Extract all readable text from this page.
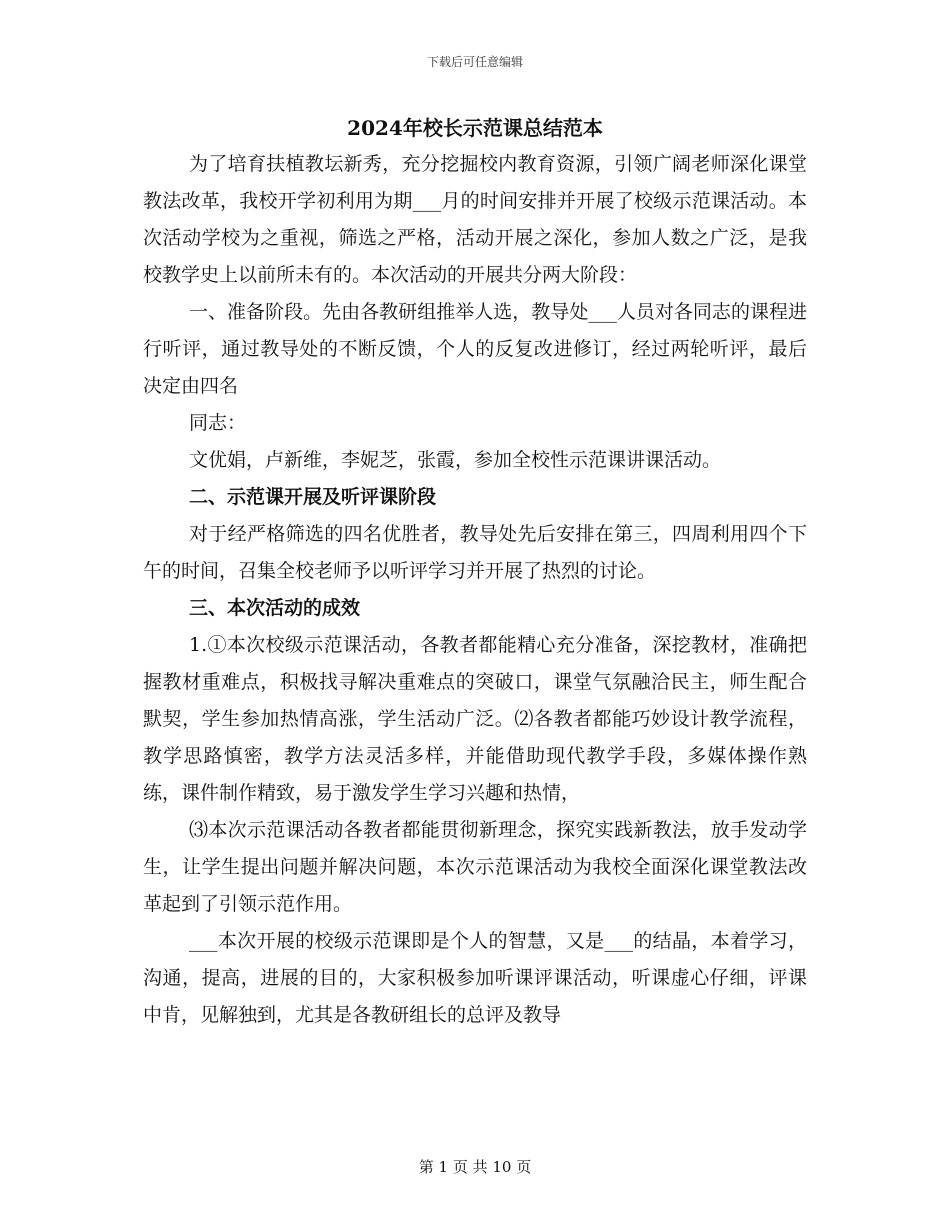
下载后可任意编辑
2024年校长示范课总结范本

为了培育扶植教坛新秀，充分挖掘校内教育资源，引领广阔老师深化课堂教法改革，我校开学初利用为期___月的时间安排并开展了校级示范课活动。本次活动学校为之重视，筛选之严格，活动开展之深化，参加人数之广泛，是我校教学史上以前所未有的。本次活动的开展共分两大阶段：

一、准备阶段。先由各教研组推举人选，教导处___人员对各同志的课程进行听评，通过教导处的不断反馈，个人的反复改进修订，经过两轮听评，最后决定由四名

同志：

文优娟，卢新维，李妮芝，张霞，参加全校性示范课讲课活动。

二、示范课开展及听评课阶段

对于经严格筛选的四名优胜者，教导处先后安排在第三，四周利用四个下午的时间，召集全校老师予以听评学习并开展了热烈的讨论。

三、本次活动的成效

1.①本次校级示范课活动，各教者都能精心充分准备，深挖教材，准确把握教材重难点，积极找寻解决重难点的突破口，课堂气氛融洽民主，师生配合默契，学生参加热情高涨，学生活动广泛。⑵各教者都能巧妙设计教学流程，教学思路慎密，教学方法灵活多样，并能借助现代教学手段，多媒体操作熟练，课件制作精致，易于激发学生学习兴趣和热情，

⑶本次示范课活动各教者都能贯彻新理念，探究实践新教法，放手发动学生，让学生提出问题并解决问题，本次示范课活动为我校全面深化课堂教法改革起到了引领示范作用。

___本次开展的校级示范课即是个人的智慧，又是___的结晶，本着学习，沟通，提高，进展的目的，大家积极参加听课评课活动，听课虚心仔细，评课中肯，见解独到，尤其是各教研组长的总评及教导

第 1 页 共 10 页
